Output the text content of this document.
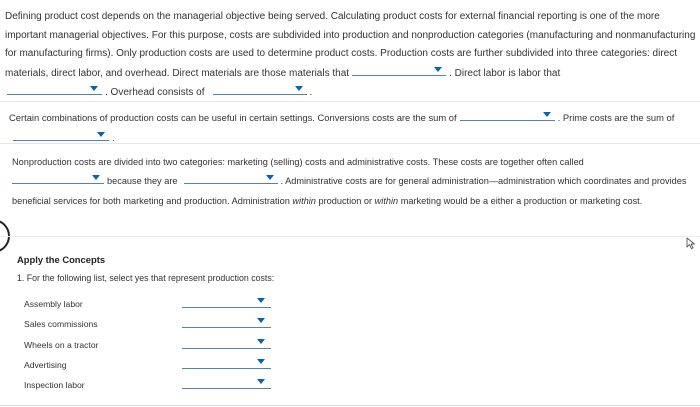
Defining product cost depends on the managerial objective being served. Calculating product costs for external financial reporting is one of the more important managerial objectives. For this purpose, costs are subdivided into production and nonproduction categories (manufacturing and nonmanufacturing for manufacturing firms). Only production costs are used to determine product costs. Production costs are further subdivided into three categories: direct materials, direct labor, and overhead. Direct materials are those materials that	. Direct labor is labor that

. Overhead consists of	.
Certain combinations of production costs can be useful in certain settings. Conversions costs are the sum of	. Prime costs are the sum of
.
Nonproduction costs are divided into two categories: marketing (selling) costs and administrative costs. These costs are together often called

because they are	. Administrative costs are for general administration—administration which coordinates and provides beneficial services for both marketing and production. Administration within production or within marketing would be a either a production or marketing cost.
Apply the Concepts
1. For the following list, select yes that represent production costs:
Assembly labor
Sales commissions
Wheels on a tractor
Advertising
Inspection labor
